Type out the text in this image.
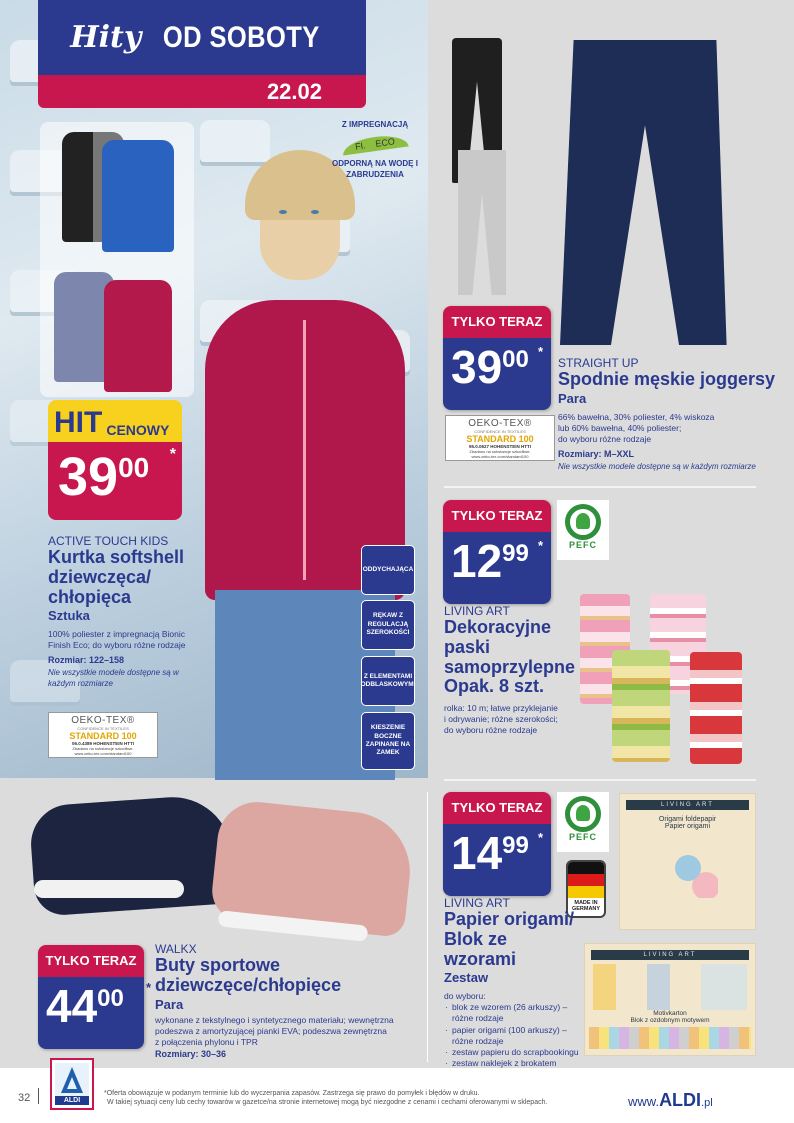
Hity OD SOBOTY
22.02
Z IMPREGNACJĄ
FI. ECO
ODPORNĄ NA WODĘ I ZABRUDZENIA
ODDYCHAJĄCA
RĘKAW Z REGULACJĄ SZEROKOŚCI
Z ELEMENTAMI ODBLASKOWYMI
KIESZENIE BOCZNE ZAPINANE NA ZAMEK
HIT CENOWY
3900 *
ACTIVE TOUCH KIDS
Kurtka softshell
dziewczęca/
chłopięca
Sztuka
100% poliester z impregnacją Bionic Finish Eco; do wyboru różne rodzaje
Rozmiar: 122–158
Nie wszystkie modele dostępne są w każdym rozmiarze
OEKO-TEX®
CONFIDENCE IN TEXTILES
STANDARD 100
06.0.4389 HOHENSTEIN HTTI
Zbadano na substancje szkodliwe.
www.oeko-tex.com/standard100
TYLKO TERAZ
3900 *
OEKO-TEX®
CONFIDENCE IN TEXTILES
STANDARD 100
95.0.0627 HOHENSTEIN HTTI
Zbadano na substancje szkodliwe.
www.oeko-tex.com/standard100
STRAIGHT UP
Spodnie męskie joggersy
Para
66% bawełna, 30% poliester, 4% wiskoza
lub 60% bawełna, 40% poliester;
do wyboru różne rodzaje
Rozmiary: M–XXL
Nie wszystkie modele dostępne są w każdym rozmiarze
TYLKO TERAZ
1299 *	PEFC
LIVING ART
Dekoracyjne
paski
samoprzylepne
Opak. 8 szt.
rolka: 10 m; łatwe przyklejanie
i odrywanie; różne szerokości;
do wyboru różne rodzaje
TYLKO TERAZ
1499 *	PEFC
MADE IN GERMANY
LIVING ART
Origami foldepapir
Papier origami
LIVING ART
Motivkarton
Blok z ozdobnym motywem
LIVING ART
Papier origami/
Blok ze wzorami
Zestaw
do wyboru:
· blok ze wzorem (26 arkuszy) – różne rodzaje
· papier origami (100 arkuszy) – różne rodzaje
· zestaw papieru do scrapbookingu
· zestaw naklejek z brokatem
TYLKO TERAZ
4400	*
WALKX
Buty sportowe
dziewczęce/chłopięce
Para
wykonane z tekstylnego i syntetycznego materiału; wewnętrzna
podeszwa z amortyzującej pianki EVA; podeszwa zewnętrzna
z połączenia phylonu i TPR
Rozmiary: 30–36
32	ALDI
*Oferta obowiązuje w podanym terminie lub do wyczerpania zapasów. Zastrzega się prawo do pomyłek i błędów w druku.
W takiej sytuacji ceny lub cechy towarów w gazetce/na stronie internetowej mogą być niezgodne z cenami i cechami oferowanymi w sklepach.	www.ALDI.pl
